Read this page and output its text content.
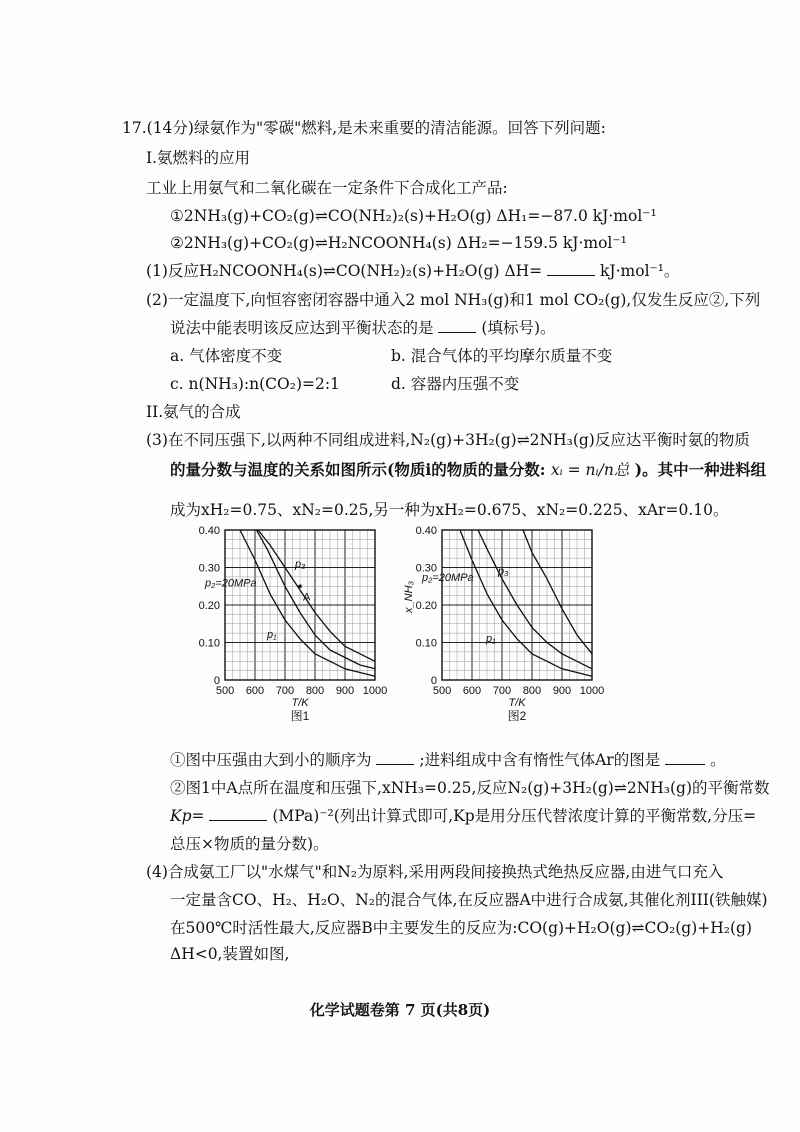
17.(14分)绿氨作为"零碳"燃料,是未来重要的清洁能源。回答下列问题:
I.氨燃料的应用
工业上用氨气和二氧化碳在一定条件下合成化工产品:
①2NH₃(g)+CO₂(g)⇌CO(NH₂)₂(s)+H₂O(g) ΔH₁=−87.0 kJ·mol⁻¹
②2NH₃(g)+CO₂(g)⇌H₂NCOONH₄(s) ΔH₂=−159.5 kJ·mol⁻¹
(1)反应H₂NCOONH₄(s)⇌CO(NH₂)₂(s)+H₂O(g) ΔH=	kJ·mol⁻¹。
(2)一定温度下,向恒容密闭容器中通入2 mol NH₃(g)和1 mol CO₂(g),仅发生反应②,下列
说法中能表明该反应达到平衡状态的是	(填标号)。
a. 气体密度不变	b. 混合气体的平均摩尔质量不变
c. n(NH₃):n(CO₂)=2:1	d. 容器内压强不变
II.氨气的合成
(3)在不同压强下,以两种不同组成进料,N₂(g)+3H₂(g)⇌2NH₃(g)反应达平衡时氨的物质
的量分数与温度的关系如图所示(物质i的物质的量分数: xᵢ = nᵢ/n总 )。其中一种进料组
成为xH₂=0.75、xN₂=0.25,另一种为xH₂=0.675、xN₂=0.225、xAr=0.10。
500 600 700 800 900 1000
0
0.10
0.20
0.30
0.40
T/K
图1
p₃
p₂=20MPa
p₁
A
500 600 700 800 900 1000
0
0.10
0.20
0.30
0.40
T/K
图2
x_NH₃
p₃
p₂=20MPa
p₁
①图中压强由大到小的顺序为	;进料组成中含有惰性气体Ar的图是	。
②图1中A点所在温度和压强下,xNH₃=0.25,反应N₂(g)+3H₂(g)⇌2NH₃(g)的平衡常数
Kp=	(MPa)⁻²(列出计算式即可,Kp是用分压代替浓度计算的平衡常数,分压=
总压×物质的量分数)。
(4)合成氨工厂以"水煤气"和N₂为原料,采用两段间接换热式绝热反应器,由进气口充入
一定量含CO、H₂、H₂O、N₂的混合气体,在反应器A中进行合成氨,其催化剂III(铁触媒)
在500℃时活性最大,反应器B中主要发生的反应为:CO(g)+H₂O(g)⇌CO₂(g)+H₂(g)
ΔH<0,装置如图,
化学试题卷第 7 页(共8页)
